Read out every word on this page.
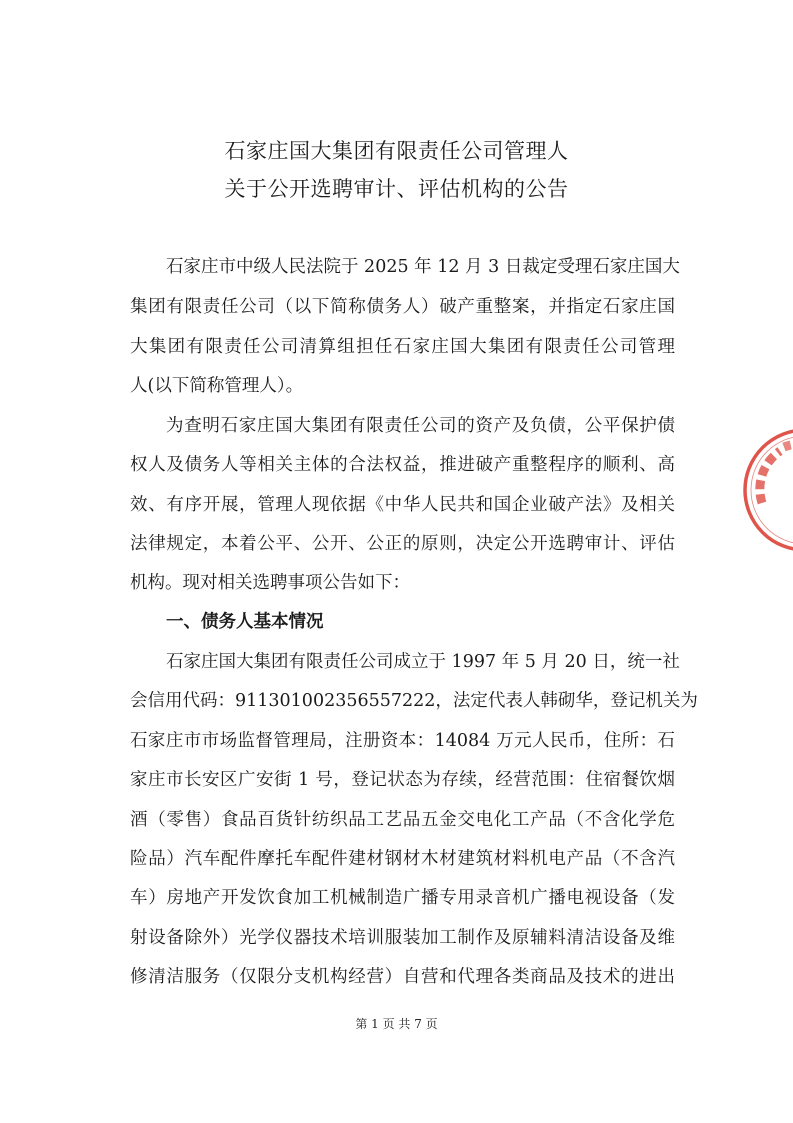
石家庄国大集团有限责任公司管理人
关于公开选聘审计、评估机构的公告
石家庄市中级人民法院于 2025 年 12 月 3 日裁定受理石家庄国大
集团有限责任公司（以下简称债务人）破产重整案，并指定石家庄国
大集团有限责任公司清算组担任石家庄国大集团有限责任公司管理
人(以下简称管理人）。
为查明石家庄国大集团有限责任公司的资产及负债，公平保护债
权人及债务人等相关主体的合法权益，推进破产重整程序的顺利、高
效、有序开展，管理人现依据《中华人民共和国企业破产法》及相关
法律规定，本着公平、公开、公正的原则，决定公开选聘审计、评估
机构。现对相关选聘事项公告如下：
一、债务人基本情况
石家庄国大集团有限责任公司成立于 1997 年 5 月 20 日，统一社
会信用代码：911301002356557222，法定代表人韩砌华，登记机关为
石家庄市市场监督管理局，注册资本：14084 万元人民币，住所：石
家庄市长安区广安街 1 号，登记状态为存续，经营范围：住宿餐饮烟
酒（零售）食品百货针纺织品工艺品五金交电化工产品（不含化学危
险品）汽车配件摩托车配件建材钢材木材建筑材料机电产品（不含汽
车）房地产开发饮食加工机械制造广播专用录音机广播电视设备（发
射设备除外）光学仪器技术培训服装加工制作及原辅料清洁设备及维
修清洁服务（仅限分支机构经营）自营和代理各类商品及技术的进出
第 1 页 共 7 页
